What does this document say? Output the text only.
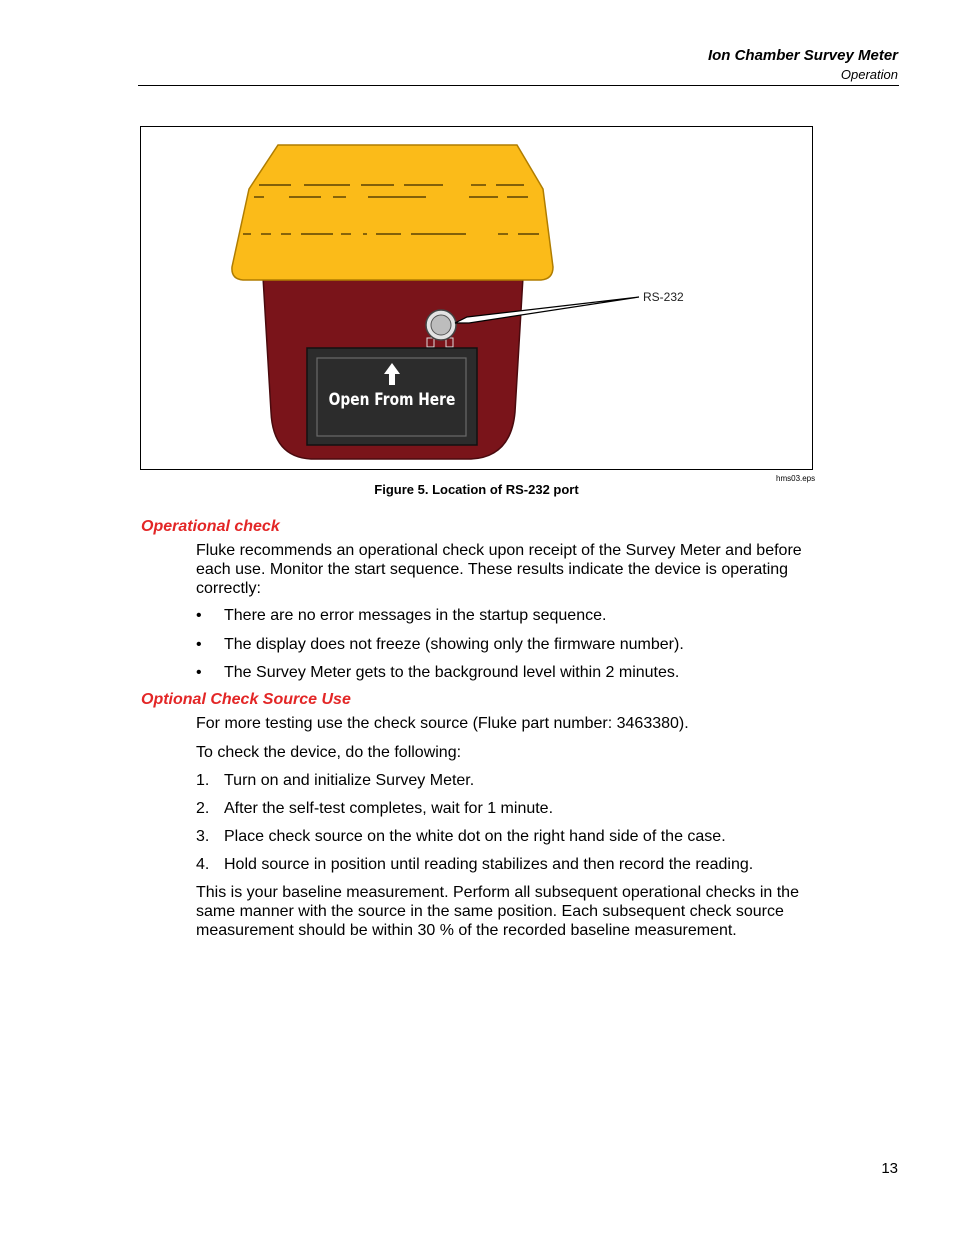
Ion Chamber Survey Meter
Operation
RS-232
Open From Here
hms03.eps
Figure 5. Location of RS-232 port
Operational check
Fluke recommends an operational check upon receipt of the Survey Meter and before each use. Monitor the start sequence. These results indicate the device is operating correctly:
• There are no error messages in the startup sequence.
• The display does not freeze (showing only the firmware number).
• The Survey Meter gets to the background level within 2 minutes.
Optional Check Source Use
For more testing use the check source (Fluke part number: 3463380).
To check the device, do the following:
1. Turn on and initialize Survey Meter.
2. After the self-test completes, wait for 1 minute.
3. Place check source on the white dot on the right hand side of the case.
4. Hold source in position until reading stabilizes and then record the reading.
This is your baseline measurement. Perform all subsequent operational checks in the same manner with the source in the same position. Each subsequent check source measurement should be within 30 % of the recorded baseline measurement.
13
